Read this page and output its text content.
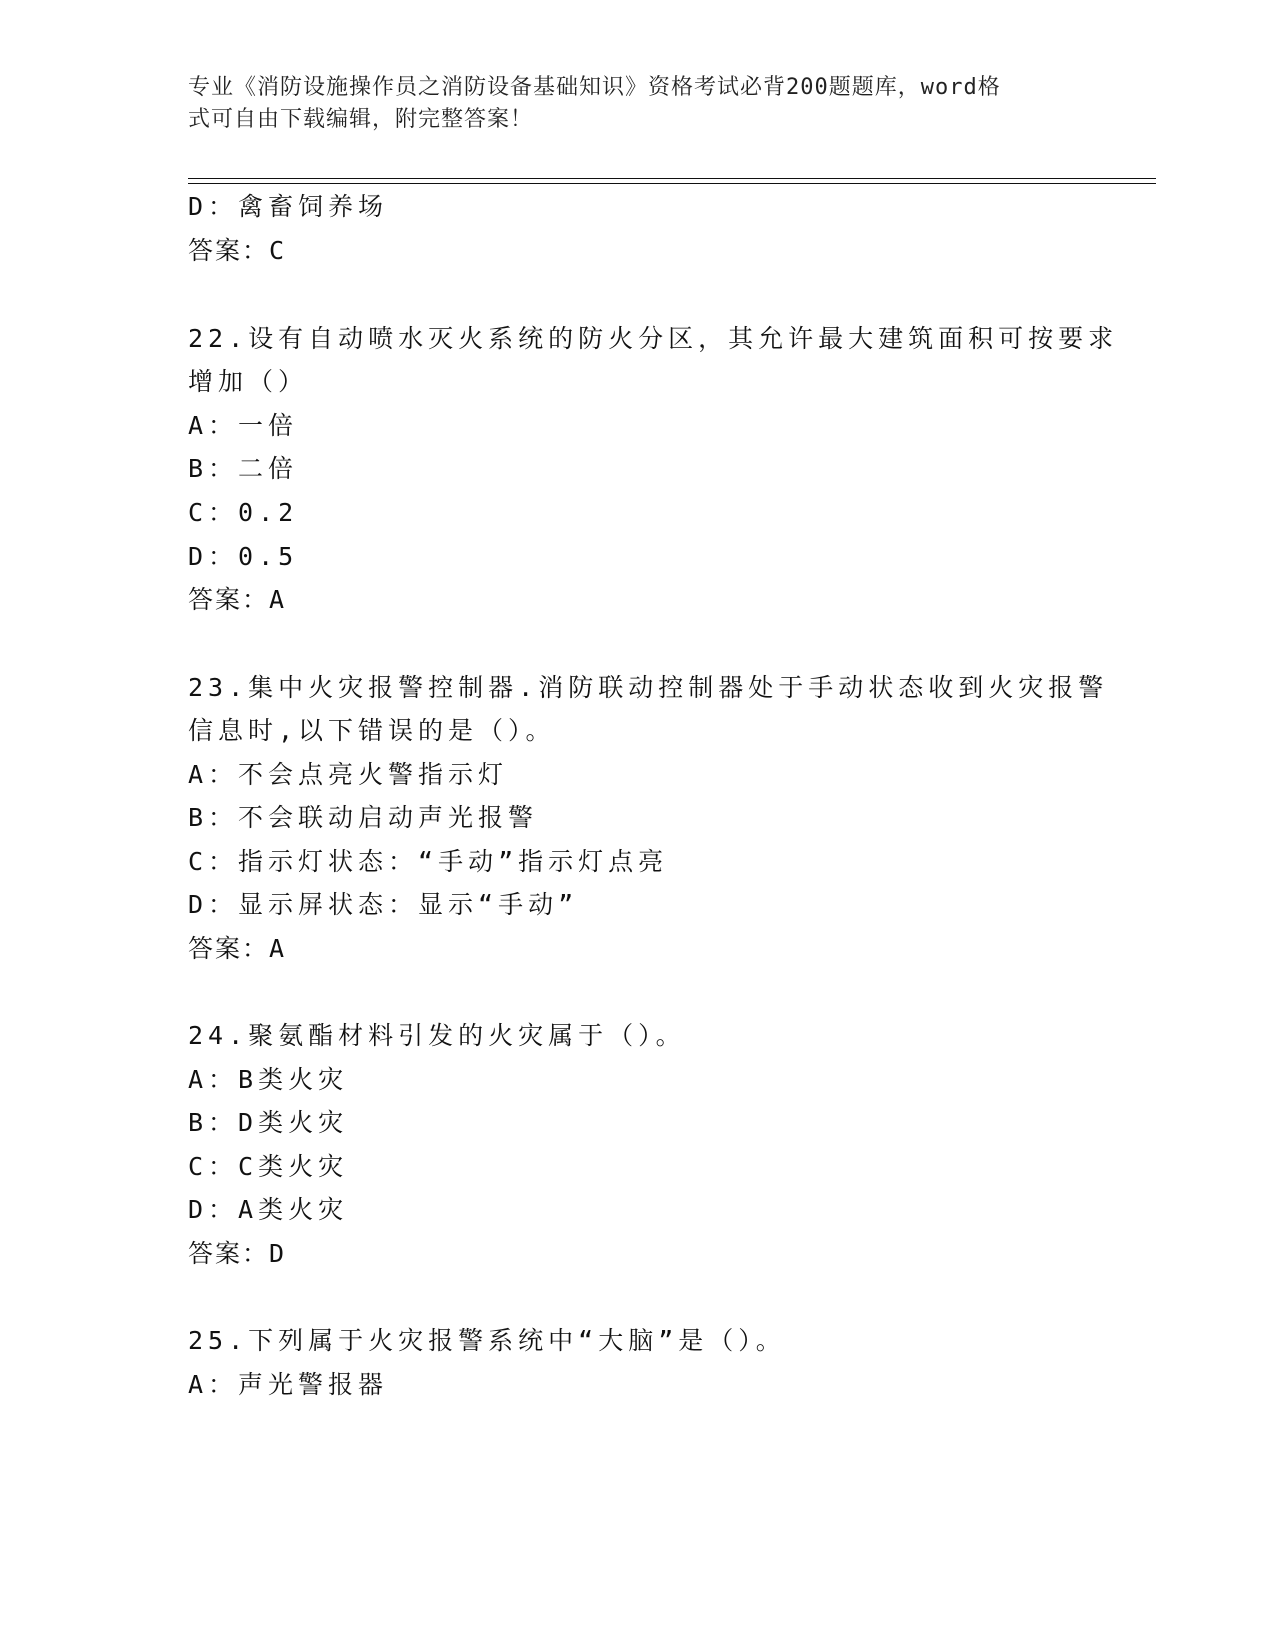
专业《消防设施操作员之消防设备基础知识》资格考试必背200题题库，word格
式可自由下载编辑，附完整答案！
D：禽畜饲养场
答案：C
22.设有自动喷水灭火系统的防火分区，其允许最大建筑面积可按要求
增加（）
A：一倍
B：二倍
C：0.2
D：0.5
答案：A
23.集中火灾报警控制器.消防联动控制器处于手动状态收到火灾报警
信息时,以下错误的是（）。
A：不会点亮火警指示灯
B：不会联动启动声光报警
C：指示灯状态：“手动”指示灯点亮
D：显示屏状态：显示“手动”
答案：A
24.聚氨酯材料引发的火灾属于（）。
A：B类火灾
B：D类火灾
C：C类火灾
D：A类火灾
答案：D
25.下列属于火灾报警系统中“大脑”是（）。
A：声光警报器
